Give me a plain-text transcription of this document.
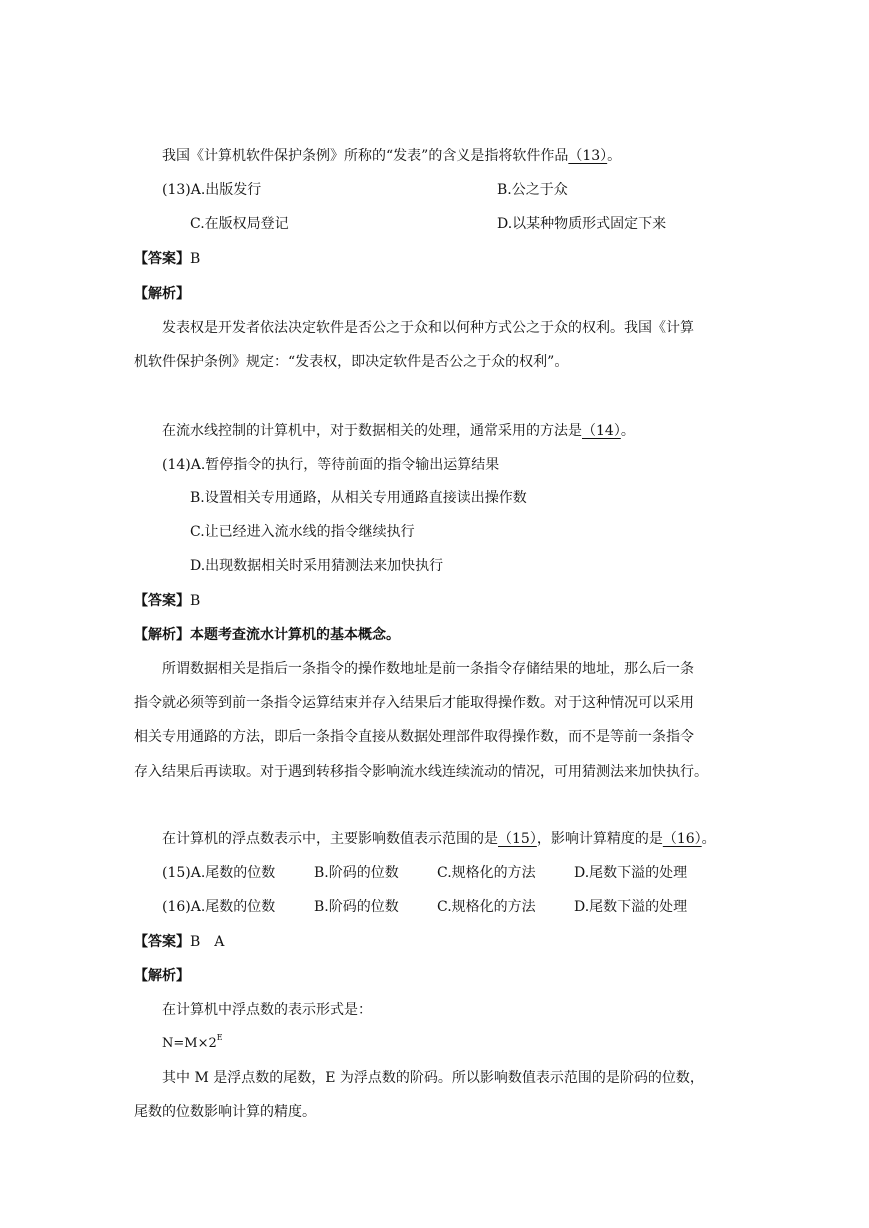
我国《计算机软件保护条例》所称的“发表”的含义是指将软件作品（13）。
(13)A.出版发行	B.公之于众
C.在版权局登记	D.以某种物质形式固定下来
【答案】B
【解析】
发表权是开发者依法决定软件是否公之于众和以何种方式公之于众的权利。我国《计算
机软件保护条例》规定：“发表权，即决定软件是否公之于众的权利”。
在流水线控制的计算机中，对于数据相关的处理，通常采用的方法是（14）。
(14)A.暂停指令的执行，等待前面的指令输出运算结果
B.设置相关专用通路，从相关专用通路直接读出操作数
C.让已经进入流水线的指令继续执行
D.出现数据相关时采用猜测法来加快执行
【答案】B
【解析】本题考查流水计算机的基本概念。
所谓数据相关是指后一条指令的操作数地址是前一条指令存储结果的地址，那么后一条
指令就必须等到前一条指令运算结束并存入结果后才能取得操作数。对于这种情况可以采用
相关专用通路的方法，即后一条指令直接从数据处理部件取得操作数，而不是等前一条指令
存入结果后再读取。对于遇到转移指令影响流水线连续流动的情况，可用猜测法来加快执行。
在计算机的浮点数表示中，主要影响数值表示范围的是（15），影响计算精度的是（16）。
(15)A.尾数的位数	B.阶码的位数	C.规格化的方法	D.尾数下溢的处理
(16)A.尾数的位数	B.阶码的位数	C.规格化的方法	D.尾数下溢的处理
【答案】B　A
【解析】
在计算机中浮点数的表示形式是：
$N=M\times 2^E$
其中 M 是浮点数的尾数，E 为浮点数的阶码。所以影响数值表示范围的是阶码的位数，
尾数的位数影响计算的精度。
